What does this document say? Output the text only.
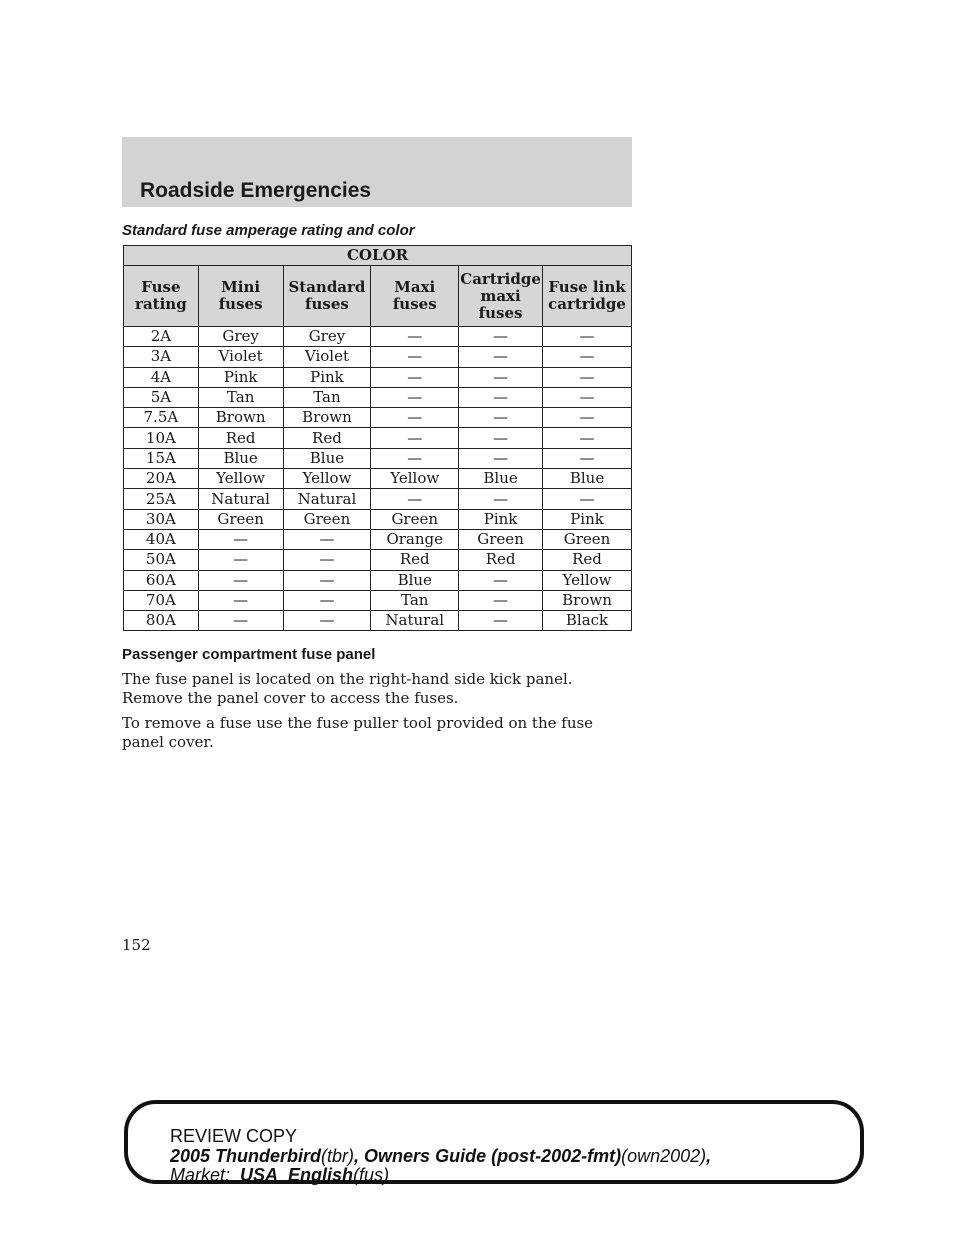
Roadside Emergencies

Standard fuse amperage rating and color

COLOR					
Fuse rating	Mini fuses	Standard fuses	Maxi fuses	Cartridge maxi fuses	Fuse link cartridge
2A	Grey	Grey	—	—	—
3A	Violet	Violet	—	—	—
4A	Pink	Pink	—	—	—
5A	Tan	Tan	—	—	—
7.5A	Brown	Brown	—	—	—
10A	Red	Red	—	—	—
15A	Blue	Blue	—	—	—
20A	Yellow	Yellow	Yellow	Blue	Blue
25A	Natural	Natural	—	—	—
30A	Green	Green	Green	Pink	Pink
40A	—	—	Orange	Green	Green
50A	—	—	Red	Red	Red
60A	—	—	Blue	—	Yellow
70A	—	—	Tan	—	Brown
80A	—	—	Natural	—	Black

Passenger compartment fuse panel

The fuse panel is located on the right-hand side kick panel. Remove the panel cover to access the fuses.

To remove a fuse use the fuse puller tool provided on the fuse panel cover.

152

REVIEW COPY

2005 Thunderbird(tbr), Owners Guide (post-2002-fmt)(own2002),

Market: USA_English(fus)
